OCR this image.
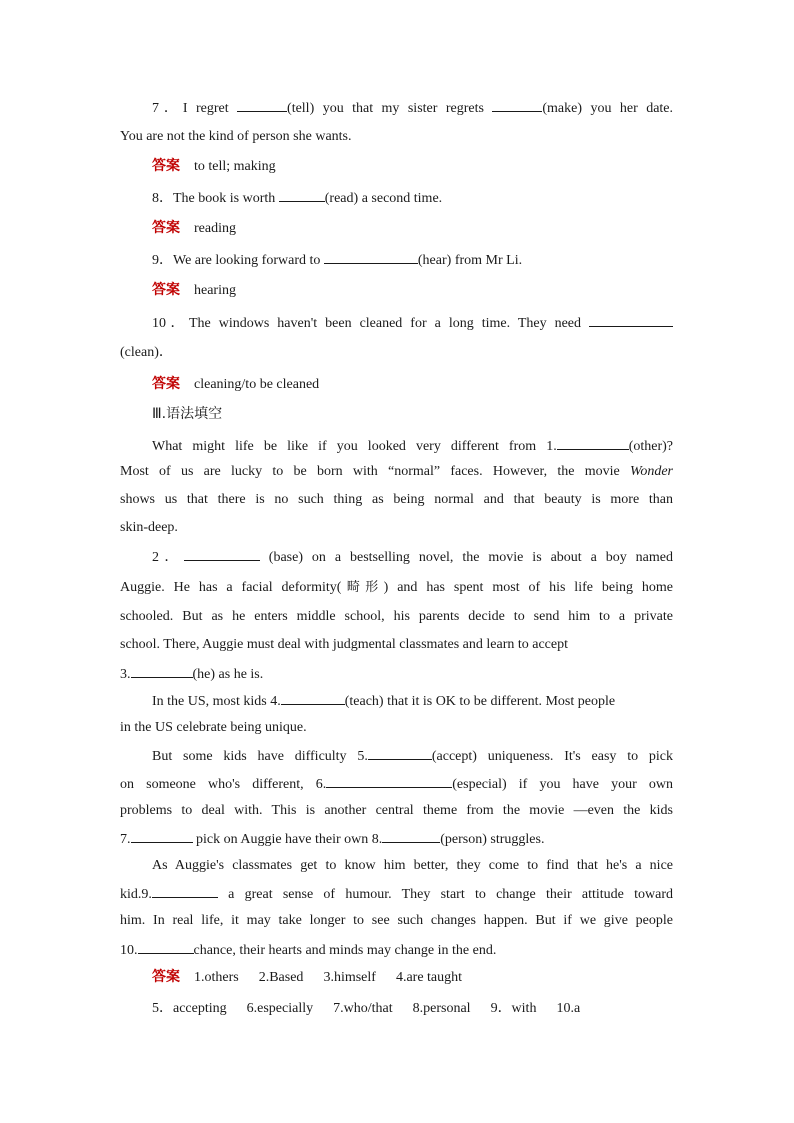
7．I regret	(tell) you that my sister regrets	(make) you her date.
You are not the kind of person she wants.
答案 to tell; making
8．The book is worth	(read) a second time.
答案 reading
9．We are looking forward to	(hear) from Mr Li.
答案 hearing
10．The windows haven't been cleaned for a long time. They need
(clean)．
答案 cleaning/to be cleaned
Ⅲ.语法填空
What might life be like if you looked very different from 1.	(other)?
Most of us are lucky to be born with “normal” faces. However, the movie Wonder
shows us that there is no such thing as being normal and that beauty is more than
skin-deep.
2．	(base) on a bestselling novel, the movie is about a boy named
Auggie. He has a facial deformity(畸形) and has spent most of his life being home
schooled. But as he enters middle school, his parents decide to send him to a private
school. There, Auggie must deal with judgmental classmates and learn to accept
3.	(he) as he is.
In the US, most kids 4.	(teach) that it is OK to be different. Most people
in the US celebrate being unique.
But some kids have difficulty 5.	(accept) uniqueness. It's easy to pick
on someone who's different, 6.	(especial) if you have your own
problems to deal with. This is another central theme from the movie —even the kids
7.	pick on Auggie have their own 8.	(person) struggles.
As Auggie's classmates get to know him better, they come to find that he's a nice
kid.9.	a great sense of humour. They start to change their attitude toward
him. In real life, it may take longer to see such changes happen. But if we give people
10.	chance, their hearts and minds may change in the end.
答案 1.others 2.Based 3.himself 4.are taught
5．accepting 6.especially 7.who/that 8.personal 9．with 10.a
